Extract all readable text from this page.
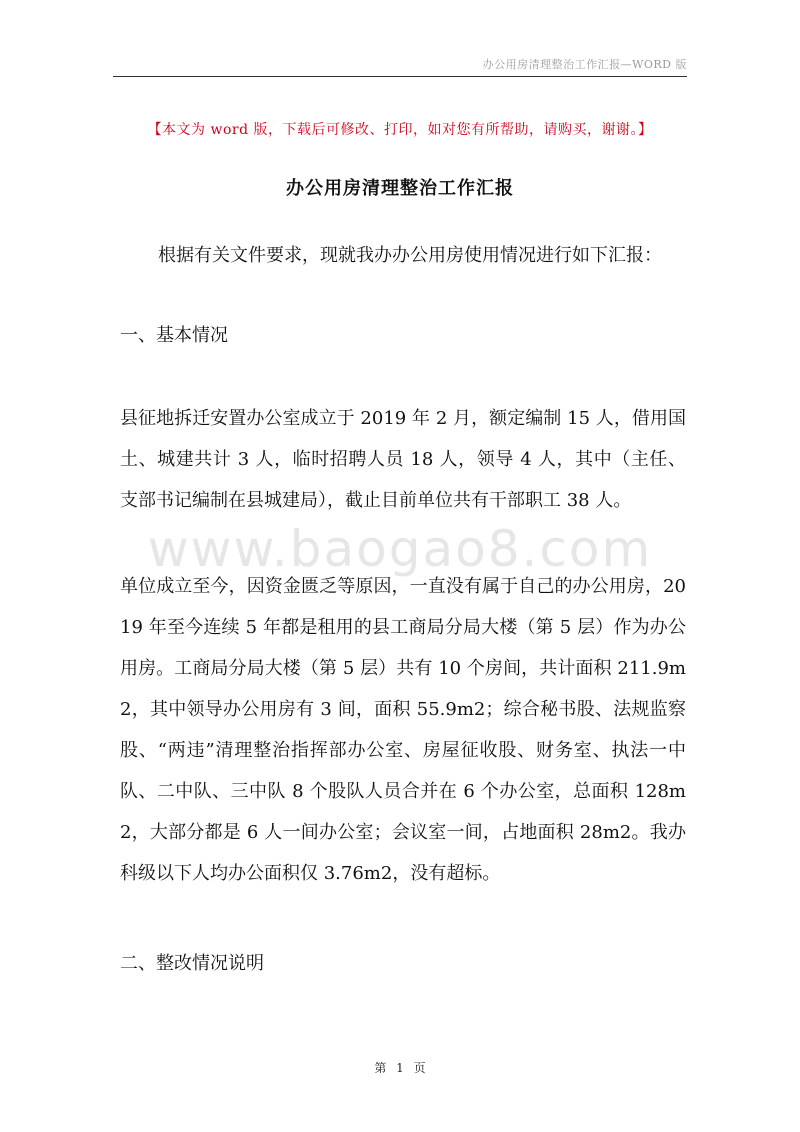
办公用房清理整治工作汇报—WORD 版
【本文为 word 版，下载后可修改、打印，如对您有所帮助，请购买，谢谢。】
办公用房清理整治工作汇报
根据有关文件要求，现就我办办公用房使用情况进行如下汇报：
一、基本情况
县征地拆迁安置办公室成立于 2019 年 2 月，额定编制 15 人，借用国土、城建共计 3 人，临时招聘人员 18 人，领导 4 人，其中（主任、支部书记编制在县城建局），截止目前单位共有干部职工 38 人。
www.baogao8.com
单位成立至今，因资金匮乏等原因，一直没有属于自己的办公用房，2019 年至今连续 5 年都是租用的县工商局分局大楼（第 5 层）作为办公用房。工商局分局大楼（第 5 层）共有 10 个房间，共计面积 211.9m2，其中领导办公用房有 3 间，面积 55.9m2；综合秘书股、法规监察股、“两违”清理整治指挥部办公室、房屋征收股、财务室、执法一中队、二中队、三中队 8 个股队人员合并在 6 个办公室，总面积 128m2，大部分都是 6 人一间办公室；会议室一间，占地面积 28m2。我办科级以下人均办公面积仅 3.76m2，没有超标。
二、整改情况说明
第 1 页
